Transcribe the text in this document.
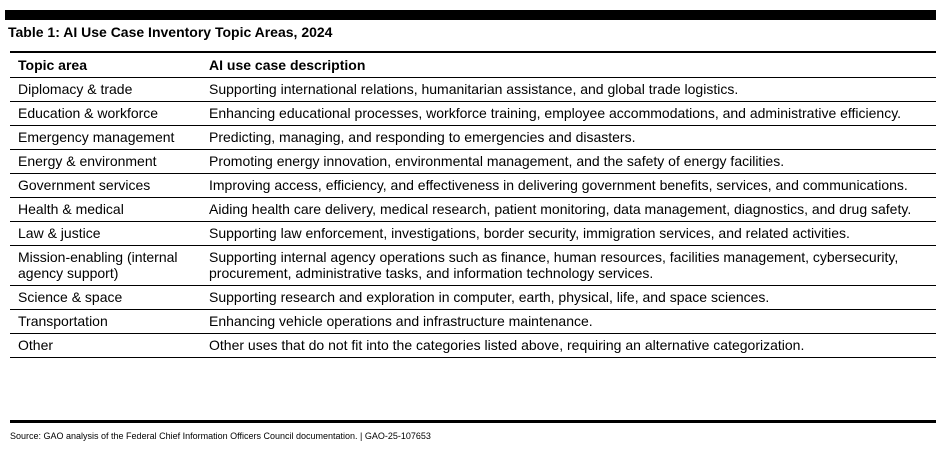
Table 1: AI Use Case Inventory Topic Areas, 2024
Topic area	AI use case description
Diplomacy & trade	Supporting international relations, humanitarian assistance, and global trade logistics.
Education & workforce	Enhancing educational processes, workforce training, employee accommodations, and administrative efficiency.
Emergency management	Predicting, managing, and responding to emergencies and disasters.
Energy & environment	Promoting energy innovation, environmental management, and the safety of energy facilities.
Government services	Improving access, efficiency, and effectiveness in delivering government benefits, services, and communications.
Health & medical	Aiding health care delivery, medical research, patient monitoring, data management, diagnostics, and drug safety.
Law & justice	Supporting law enforcement, investigations, border security, immigration services, and related activities.
Mission-enabling (internal agency support)	Supporting internal agency operations such as finance, human resources, facilities management, cybersecurity, procurement, administrative tasks, and information technology services.
Science & space	Supporting research and exploration in computer, earth, physical, life, and space sciences.
Transportation	Enhancing vehicle operations and infrastructure maintenance.
Other	Other uses that do not fit into the categories listed above, requiring an alternative categorization.
Source: GAO analysis of the Federal Chief Information Officers Council documentation. | GAO-25-107653
